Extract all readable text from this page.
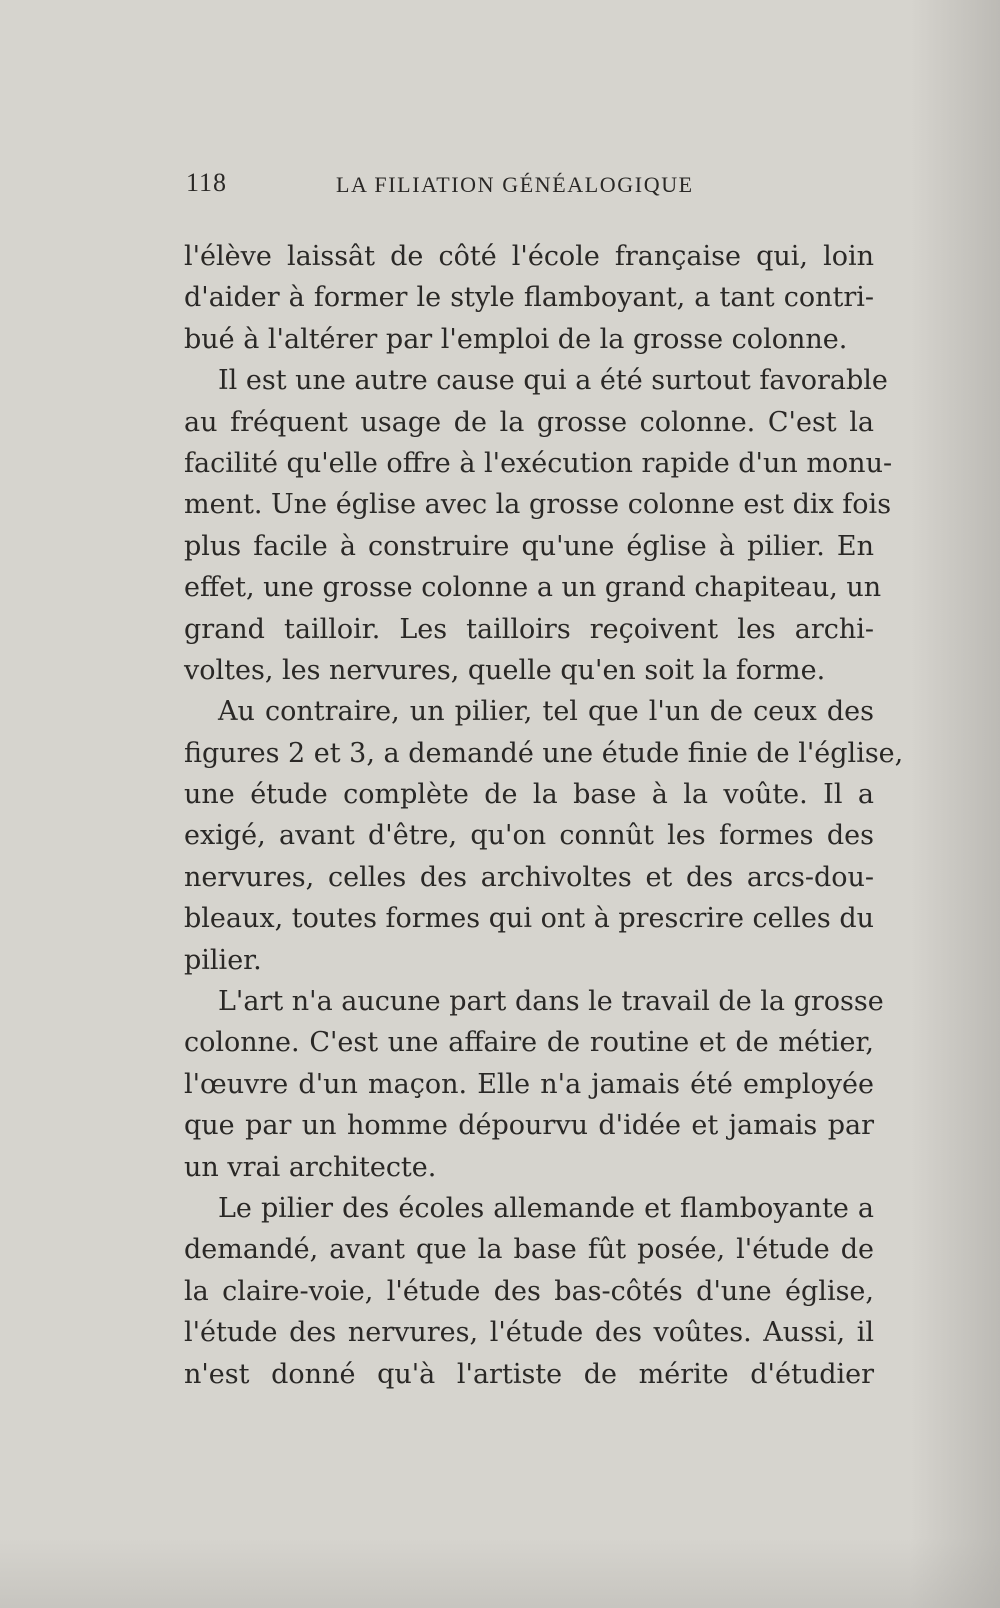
118	LA FILIATION GÉNÉALOGIQUE
l'élève laissât de côté l'école française qui, loin
d'aider à former le style flamboyant, a tant contri-
bué à l'altérer par l'emploi de la grosse colonne.
Il est une autre cause qui a été surtout favorable
au fréquent usage de la grosse colonne. C'est la
facilité qu'elle offre à l'exécution rapide d'un monu-
ment. Une église avec la grosse colonne est dix fois
plus facile à construire qu'une église à pilier. En
effet, une grosse colonne a un grand chapiteau, un
grand tailloir. Les tailloirs reçoivent les archi-
voltes, les nervures, quelle qu'en soit la forme.
Au contraire, un pilier, tel que l'un de ceux des
figures 2 et 3, a demandé une étude finie de l'église,
une étude complète de la base à la voûte. Il a
exigé, avant d'être, qu'on connût les formes des
nervures, celles des archivoltes et des arcs-dou-
bleaux, toutes formes qui ont à prescrire celles du
pilier.
L'art n'a aucune part dans le travail de la grosse
colonne. C'est une affaire de routine et de métier,
l'œuvre d'un maçon. Elle n'a jamais été employée
que par un homme dépourvu d'idée et jamais par
un vrai architecte.
Le pilier des écoles allemande et flamboyante a
demandé, avant que la base fût posée, l'étude de
la claire-voie, l'étude des bas-côtés d'une église,
l'étude des nervures, l'étude des voûtes. Aussi, il
n'est donné qu'à l'artiste de mérite d'étudier
